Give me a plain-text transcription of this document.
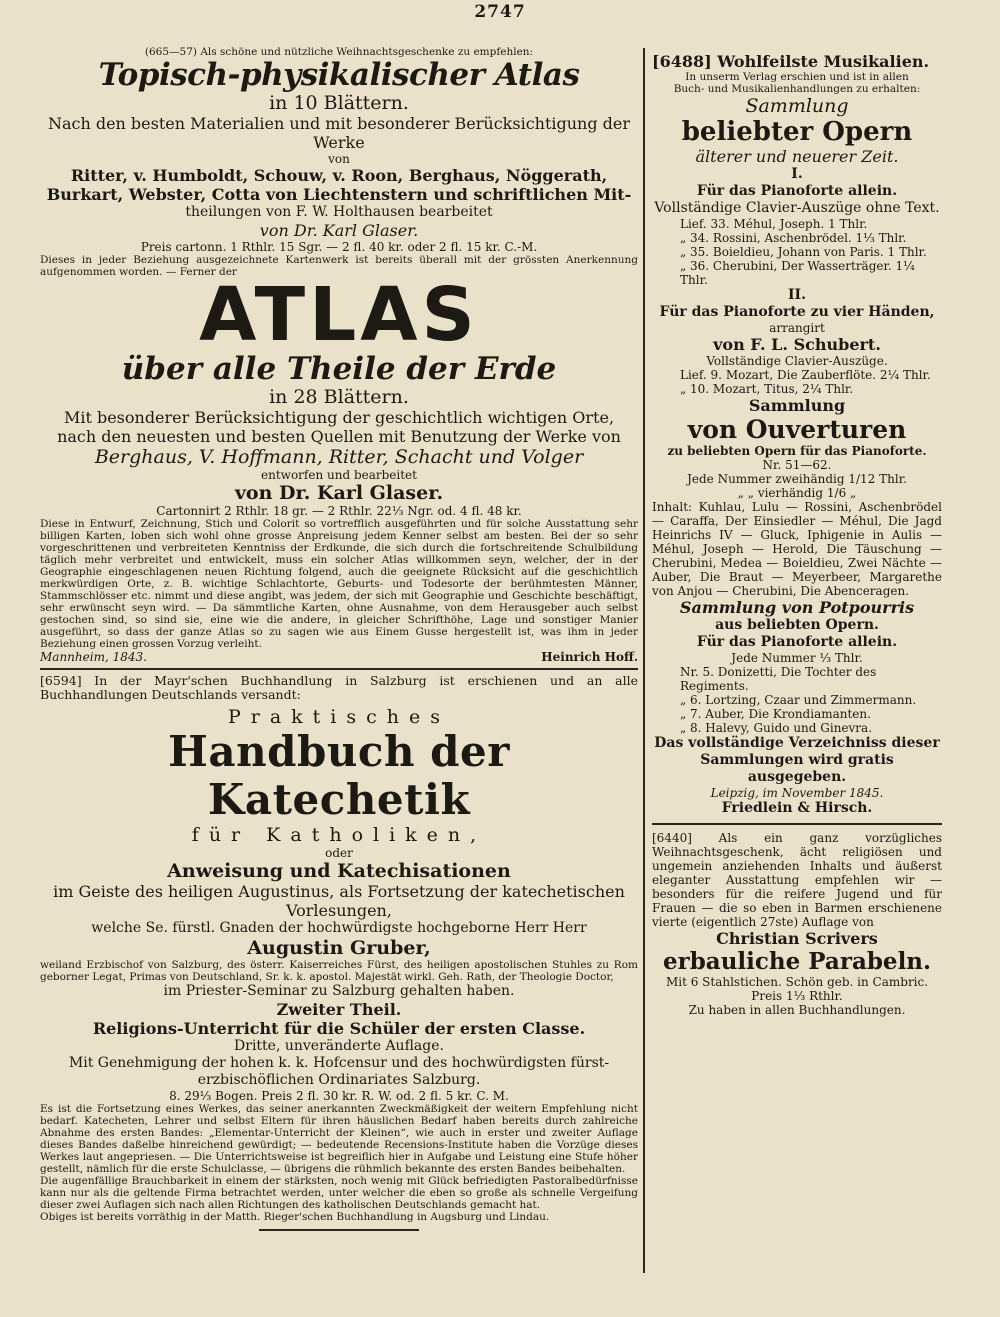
2747

(665—57) Als schöne und nützliche Weihnachtsgeschenke zu empfehlen:

Topisch-physikalischer Atlas

in 10 Blättern.

Nach den besten Materialien und mit besonderer Berücksichtigung der Werke

von

Ritter, v. Humboldt, Schouw, v. Roon, Berghaus, Nöggerath,

Burkart, Webster, Cotta von Liechtenstern und schriftlichen Mit-

theilungen von F. W. Holthausen bearbeitet

von Dr. Karl Glaser.

Preis cartonn. 1 Rthlr. 15 Sgr. — 2 fl. 40 kr. oder 2 fl. 15 kr. C.-M.

Dieses in jeder Beziehung ausgezeichnete Kartenwerk ist bereits überall mit der grössten Anerkennung aufgenommen worden. — Ferner der

ATLAS

über alle Theile der Erde

in 28 Blättern.

Mit besonderer Berücksichtigung der geschichtlich wichtigen Orte,

nach den neuesten und besten Quellen mit Benutzung der Werke von

Berghaus, V. Hoffmann, Ritter, Schacht und Volger

entworfen und bearbeitet

von Dr. Karl Glaser.

Cartonnirt 2 Rthlr. 18 gr. — 2 Rthlr. 22⅓ Ngr. od. 4 fl. 48 kr.

Diese in Entwurf, Zeichnung, Stich und Colorit so vortrefflich ausgeführten und für solche Ausstattung sehr billigen Karten, loben sich wohl ohne grosse Anpreisung jedem Kenner selbst am besten. Bei der so sehr vorgeschrittenen und verbreiteten Kenntniss der Erdkunde, die sich durch die fortschreitende Schulbildung täglich mehr verbreitet und entwickelt, muss ein solcher Atlas willkommen seyn, welcher, der in der Geographie eingeschlagenen neuen Richtung folgend, auch die geeignete Rücksicht auf die geschichtlich merkwürdigen Orte, z. B. wichtige Schlachtorte, Geburts- und Todesorte der berühmtesten Männer, Stammschlösser etc. nimmt und diese angibt, was jedem, der sich mit Geographie und Geschichte beschäftigt, sehr erwünscht seyn wird. — Da sämmtliche Karten, ohne Ausnahme, von dem Herausgeber auch selbst gestochen sind, so sind sie, eine wie die andere, in gleicher Schrifthöhe, Lage und sonstiger Manier ausgeführt, so dass der ganze Atlas so zu sagen wie aus Einem Gusse hergestellt ist, was ihm in jeder Beziehung einen grossen Vorzug verleiht.

Mannheim, 1843.	Heinrich Hoff.

[6594] In der Mayr'schen Buchhandlung in Salzburg ist erschienen und an alle Buchhandlungen Deutschlands versandt:

Praktisches

Handbuch der Katechetik

für Katholiken,

oder

Anweisung und Katechisationen

im Geiste des heiligen Augustinus, als Fortsetzung der katechetischen

Vorlesungen,

welche Se. fürstl. Gnaden der hochwürdigste hochgeborne Herr Herr

Augustin Gruber,

weiland Erzbischof von Salzburg, des österr. Kaiserreiches Fürst, des heiligen apostolischen Stuhles zu Rom geborner Legat, Primas von Deutschland, Sr. k. k. apostol. Majestät wirkl. Geh. Rath, der Theologie Doctor,

im Priester-Seminar zu Salzburg gehalten haben.

Zweiter Theil.

Religions-Unterricht für die Schüler der ersten Classe.

Dritte, unveränderte Auflage.

Mit Genehmigung der hohen k. k. Hofcensur und des hochwürdigsten fürst-

erzbischöflichen Ordinariates Salzburg.

8. 29⅓ Bogen. Preis 2 fl. 30 kr. R. W. od. 2 fl. 5 kr. C. M.

Es ist die Fortsetzung eines Werkes, das seiner anerkannten Zweckmäßigkeit der weitern Empfehlung nicht bedarf. Katecheten, Lehrer und selbst Eltern für ihren häuslichen Bedarf haben bereits durch zahlreiche Abnahme des ersten Bandes: „Elementar-Unterricht der Kleinen“, wie auch in erster und zweiter Auflage dieses Bandes daßelbe hinreichend gewürdigt; — bedeutende Recensions-Institute haben die Vorzüge dieses Werkes laut angepriesen. — Die Unterrichtsweise ist begreiflich hier in Aufgabe und Leistung eine Stufe höher gestellt, nämlich für die erste Schulclasse, — übrigens die rühmlich bekannte des ersten Bandes beibehalten.

Die augenfällige Brauchbarkeit in einem der stärksten, noch wenig mit Glück befriedigten Pastoralbedürfnisse kann nur als die geltende Firma betrachtet werden, unter welcher die eben so große als schnelle Vergeifung dieser zwei Auflagen sich nach allen Richtungen des katholischen Deutschlands gemacht hat.

Obiges ist bereits vorräthig in der Matth. Rieger'schen Buchhandlung in Augsburg und Lindau.

[6488] Wohlfeilste Musikalien.

In unserm Verlag erschien und ist in allen

Buch- und Musikalienhandlungen zu erhalten:

Sammlung

beliebter Opern

älterer und neuerer Zeit.

I.

Für das Pianoforte allein.

Vollständige Clavier-Auszüge ohne Text.

Lief. 33. Méhul, Joseph. 1 Thlr.

„ 34. Rossini, Aschenbrödel. 1⅓ Thlr.

„ 35. Boieldieu, Johann von Paris. 1 Thlr.

„ 36. Cherubini, Der Wasserträger. 1¼ Thlr.

II.

Für das Pianoforte zu vier Händen,

arrangirt

von F. L. Schubert.

Vollständige Clavier-Auszüge.

Lief. 9. Mozart, Die Zauberflöte. 2¼ Thlr.

„ 10. Mozart, Titus, 2¼ Thlr.

Sammlung

von Ouverturen

zu beliebten Opern für das Pianoforte.

Nr. 51—62.

Jede Nummer zweihändig 1/12 Thlr.

„ „ vierhändig 1/6 „

Inhalt: Kuhlau, Lulu — Rossini, Aschenbrödel — Caraffa, Der Einsiedler — Méhul, Die Jagd Heinrichs IV — Gluck, Iphigenie in Aulis — Méhul, Joseph — Herold, Die Täuschung — Cherubini, Medea — Boieldieu, Zwei Nächte — Auber, Die Braut — Meyerbeer, Margarethe von Anjou — Cherubini, Die Abenceragen.

Sammlung von Potpourris

aus beliebten Opern.

Für das Pianoforte allein.

Jede Nummer ⅓ Thlr.

Nr. 5. Donizetti, Die Tochter des Regiments.

„ 6. Lortzing, Czaar und Zimmermann.

„ 7. Auber, Die Krondiamanten.

„ 8. Halevy, Guido und Ginevra.

Das vollständige Verzeichniss dieser Sammlungen wird gratis ausgegeben.

Leipzig, im November 1845.

Friedlein & Hirsch.

[6440] Als ein ganz vorzügliches Weihnachtsgeschenk, ächt religiösen und ungemein anziehenden Inhalts und äußerst eleganter Ausstattung empfehlen wir — besonders für die reifere Jugend und für Frauen — die so eben in Barmen erschienene vierte (eigentlich 27ste) Auflage von

Christian Scrivers

erbauliche Parabeln.

Mit 6 Stahlstichen. Schön geb. in Cambric. Preis 1⅓ Rthlr.

Zu haben in allen Buchhandlungen.
